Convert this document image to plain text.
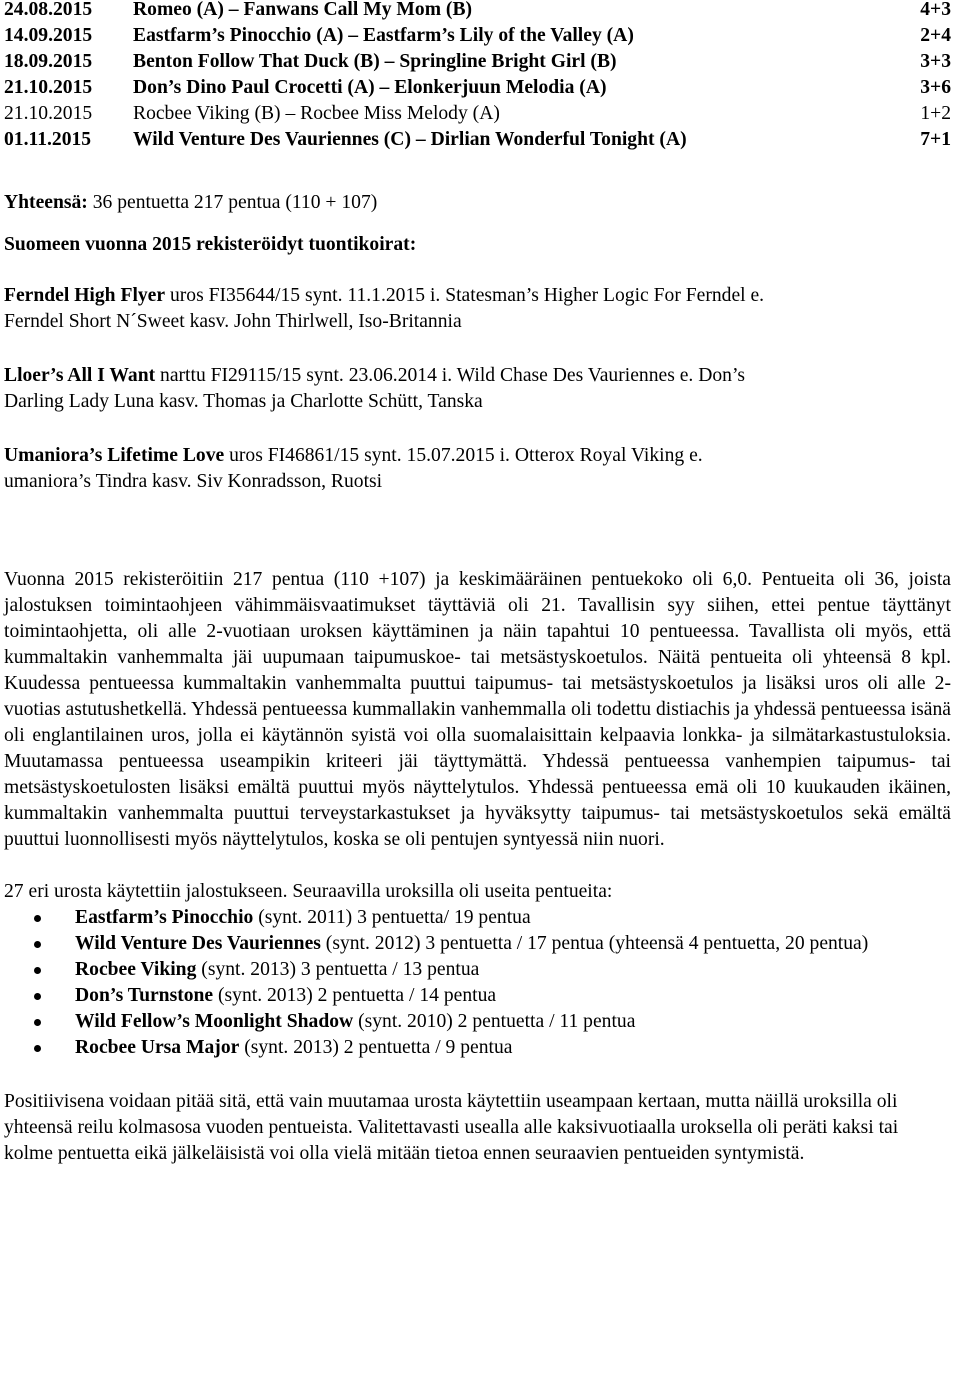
24.08.2015	Romeo (A) – Fanwans Call My Mom (B)	4+3
14.09.2015	Eastfarm’s Pinocchio (A) – Eastfarm’s Lily of the Valley (A)	2+4
18.09.2015	Benton Follow That Duck (B) – Springline Bright Girl (B)	3+3
21.10.2015	Don’s Dino Paul Crocetti (A) – Elonkerjuun Melodia (A)	3+6
21.10.2015	Rocbee Viking (B) – Rocbee Miss Melody (A)	1+2
01.11.2015	Wild Venture Des Vauriennes (C) – Dirlian Wonderful Tonight (A)	7+1
Yhteensä: 36 pentuetta 217 pentua (110 + 107)
Suomeen vuonna 2015 rekisteröidyt tuontikoirat:
Ferndel High Flyer uros FI35644/15 synt. 11.1.2015 i. Statesman’s Higher Logic For Ferndel e.
Ferndel Short N´Sweet kasv. John Thirlwell, Iso-Britannia
Lloer’s All I Want narttu FI29115/15 synt. 23.06.2014 i. Wild Chase Des Vauriennes e. Don’s
Darling Lady Luna kasv. Thomas ja Charlotte Schütt, Tanska
Umaniora’s Lifetime Love uros FI46861/15 synt. 15.07.2015 i. Otterox Royal Viking e.
umaniora’s Tindra kasv. Siv Konradsson, Ruotsi

Vuonna 2015 rekisteröitiin 217 pentua (110 +107) ja keskimääräinen pentuekoko oli 6,0. Pentueita oli 36, joista jalostuksen toimintaohjeen vähimmäisvaatimukset täyttäviä oli 21. Tavallisin syy siihen, ettei pentue täyttänyt toimintaohjetta, oli alle 2-vuotiaan uroksen käyttäminen ja näin tapahtui 10 pentueessa. Tavallista oli myös, että kummaltakin vanhemmalta jäi uupumaan taipumuskoe- tai metsästyskoetulos. Näitä pentueita oli yhteensä 8 kpl. Kuudessa pentueessa kummaltakin vanhemmalta puuttui taipumus- tai metsästyskoetulos ja lisäksi uros oli alle 2-vuotias astutushetkellä. Yhdessä pentueessa kummallakin vanhemmalla oli todettu distiachis ja yhdessä pentueessa isänä oli englantilainen uros, jolla ei käytännön syistä voi olla suomalaisittain kelpaavia lonkka- ja silmätarkastustuloksia. Muutamassa pentueessa useampikin kriteeri jäi täyttymättä. Yhdessä pentueessa vanhempien taipumus- tai metsästyskoetulosten lisäksi emältä puuttui myös näyttelytulos. Yhdessä pentueessa emä oli 10 kuukauden ikäinen, kummaltakin vanhemmalta puuttui terveystarkastukset ja hyväksytty taipumus- tai metsästyskoetulos sekä emältä puuttui luonnollisesti myös näyttelytulos, koska se oli pentujen syntyessä niin nuori.

27 eri urosta käytettiin jalostukseen. Seuraavilla uroksilla oli useita pentueita:
Eastfarm’s Pinocchio (synt. 2011) 3 pentuetta/ 19 pentua
Wild Venture Des Vauriennes (synt. 2012) 3 pentuetta / 17 pentua (yhteensä 4 pentuetta, 20 pentua)
Rocbee Viking (synt. 2013) 3 pentuetta / 13 pentua
Don’s Turnstone (synt. 2013) 2 pentuetta / 14 pentua
Wild Fellow’s Moonlight Shadow (synt. 2010) 2 pentuetta / 11 pentua
Rocbee Ursa Major (synt. 2013) 2 pentuetta / 9 pentua

Positiivisena voidaan pitää sitä, että vain muutamaa urosta käytettiin useampaan kertaan, mutta näillä uroksilla oli yhteensä reilu kolmasosa vuoden pentueista. Valitettavasti usealla alle kaksivuotiaalla uroksella oli peräti kaksi tai kolme pentuetta eikä jälkeläisistä voi olla vielä mitään tietoa ennen seuraavien pentueiden syntymistä.
